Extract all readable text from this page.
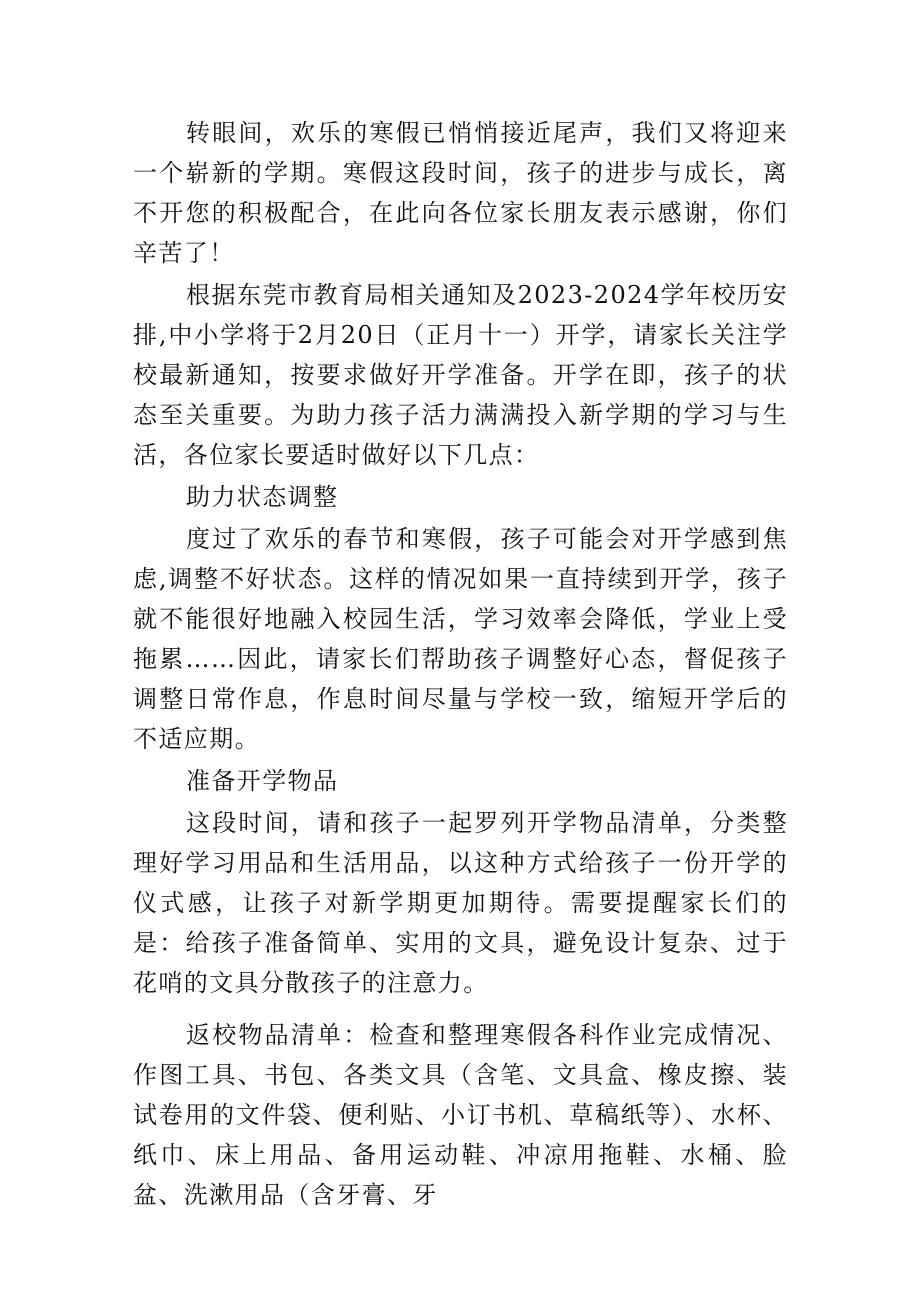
转眼间，欢乐的寒假已悄悄接近尾声，我们又将迎来一个崭新的学期。寒假这段时间，孩子的进步与成长，离不开您的积极配合，在此向各位家长朋友表示感谢，你们辛苦了！

根据东莞市教育局相关通知及2023-2024学年校历安排,中小学将于2月20日（正月十一）开学，请家长关注学校最新通知，按要求做好开学准备。开学在即，孩子的状态至关重要。为助力孩子活力满满投入新学期的学习与生活，各位家长要适时做好以下几点：

助力状态调整

度过了欢乐的春节和寒假，孩子可能会对开学感到焦虑,调整不好状态。这样的情况如果一直持续到开学，孩子就不能很好地融入校园生活，学习效率会降低，学业上受拖累……因此，请家长们帮助孩子调整好心态，督促孩子调整日常作息，作息时间尽量与学校一致，缩短开学后的不适应期。

准备开学物品

这段时间，请和孩子一起罗列开学物品清单，分类整理好学习用品和生活用品，以这种方式给孩子一份开学的仪式感，让孩子对新学期更加期待。需要提醒家长们的是：给孩子准备简单、实用的文具，避免设计复杂、过于花哨的文具分散孩子的注意力。

返校物品清单：检查和整理寒假各科作业完成情况、作图工具、书包、各类文具（含笔、文具盒、橡皮擦、装试卷用的文件袋、便利贴、小订书机、草稿纸等）、水杯、纸巾、床上用品、备用运动鞋、冲凉用拖鞋、水桶、脸盆、洗漱用品（含牙膏、牙
